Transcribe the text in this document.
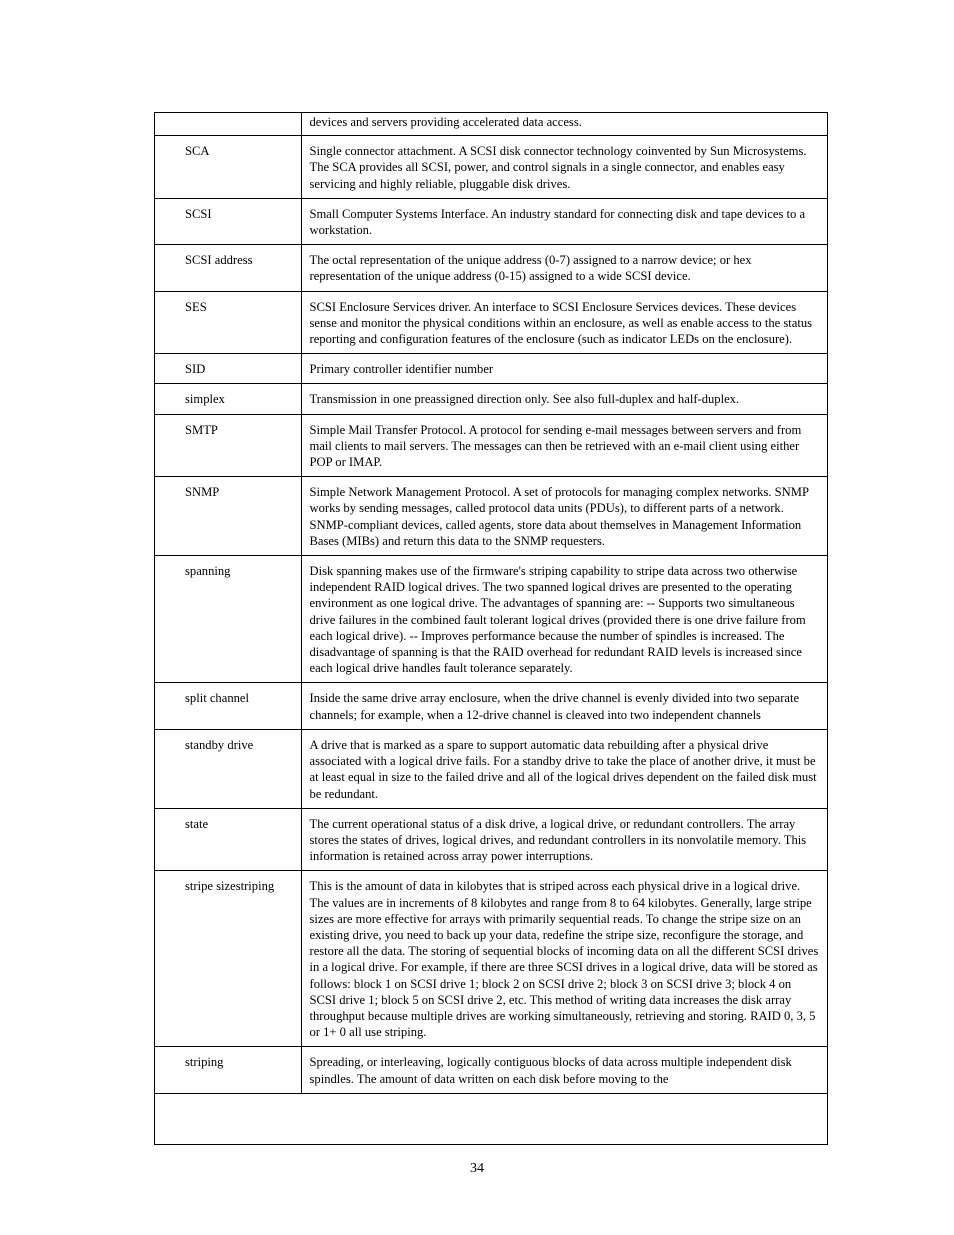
	devices and servers providing accelerated data access.
SCA	Single connector attachment. A SCSI disk connector technology coinvented by Sun Microsystems. The SCA provides all SCSI, power, and control signals in a single connector, and enables easy servicing and highly reliable, pluggable disk drives.
SCSI	Small Computer Systems Interface. An industry standard for connecting disk and tape devices to a workstation.
SCSI address	The octal representation of the unique address (0-7) assigned to a narrow device; or hex representation of the unique address (0-15) assigned to a wide SCSI device.
SES	SCSI Enclosure Services driver. An interface to SCSI Enclosure Services devices. These devices sense and monitor the physical conditions within an enclosure, as well as enable access to the status reporting and configuration features of the enclosure (such as indicator LEDs on the enclosure).
SID	Primary controller identifier number
simplex	Transmission in one preassigned direction only. See also full-duplex and half-duplex.
SMTP	Simple Mail Transfer Protocol. A protocol for sending e-mail messages between servers and from mail clients to mail servers. The messages can then be retrieved with an e-mail client using either POP or IMAP.
SNMP	Simple Network Management Protocol. A set of protocols for managing complex networks. SNMP works by sending messages, called protocol data units (PDUs), to different parts of a network. SNMP-compliant devices, called agents, store data about themselves in Management Information Bases (MIBs) and return this data to the SNMP requesters.
spanning	Disk spanning makes use of the firmware's striping capability to stripe data across two otherwise independent RAID logical drives. The two spanned logical drives are presented to the operating environment as one logical drive. The advantages of spanning are: -- Supports two simultaneous drive failures in the combined fault tolerant logical drives (provided there is one drive failure from each logical drive). -- Improves performance because the number of spindles is increased. The disadvantage of spanning is that the RAID overhead for redundant RAID levels is increased since each logical drive handles fault tolerance separately.
split channel	Inside the same drive array enclosure, when the drive channel is evenly divided into two separate channels; for example, when a 12-drive channel is cleaved into two independent channels
standby drive	A drive that is marked as a spare to support automatic data rebuilding after a physical drive associated with a logical drive fails. For a standby drive to take the place of another drive, it must be at least equal in size to the failed drive and all of the logical drives dependent on the failed disk must be redundant.
state	The current operational status of a disk drive, a logical drive, or redundant controllers. The array stores the states of drives, logical drives, and redundant controllers in its nonvolatile memory. This information is retained across array power interruptions.
stripe sizestriping	This is the amount of data in kilobytes that is striped across each physical drive in a logical drive. The values are in increments of 8 kilobytes and range from 8 to 64 kilobytes. Generally, large stripe sizes are more effective for arrays with primarily sequential reads. To change the stripe size on an existing drive, you need to back up your data, redefine the stripe size, reconfigure the storage, and restore all the data. The storing of sequential blocks of incoming data on all the different SCSI drives in a logical drive. For example, if there are three SCSI drives in a logical drive, data will be stored as follows: block 1 on SCSI drive 1; block 2 on SCSI drive 2; block 3 on SCSI drive 3; block 4 on SCSI drive 1; block 5 on SCSI drive 2, etc. This method of writing data increases the disk array throughput because multiple drives are working simultaneously, retrieving and storing. RAID 0, 3, 5 or 1+ 0 all use striping.
striping	Spreading, or interleaving, logically contiguous blocks of data across multiple independent disk spindles. The amount of data written on each disk before moving to the
34
